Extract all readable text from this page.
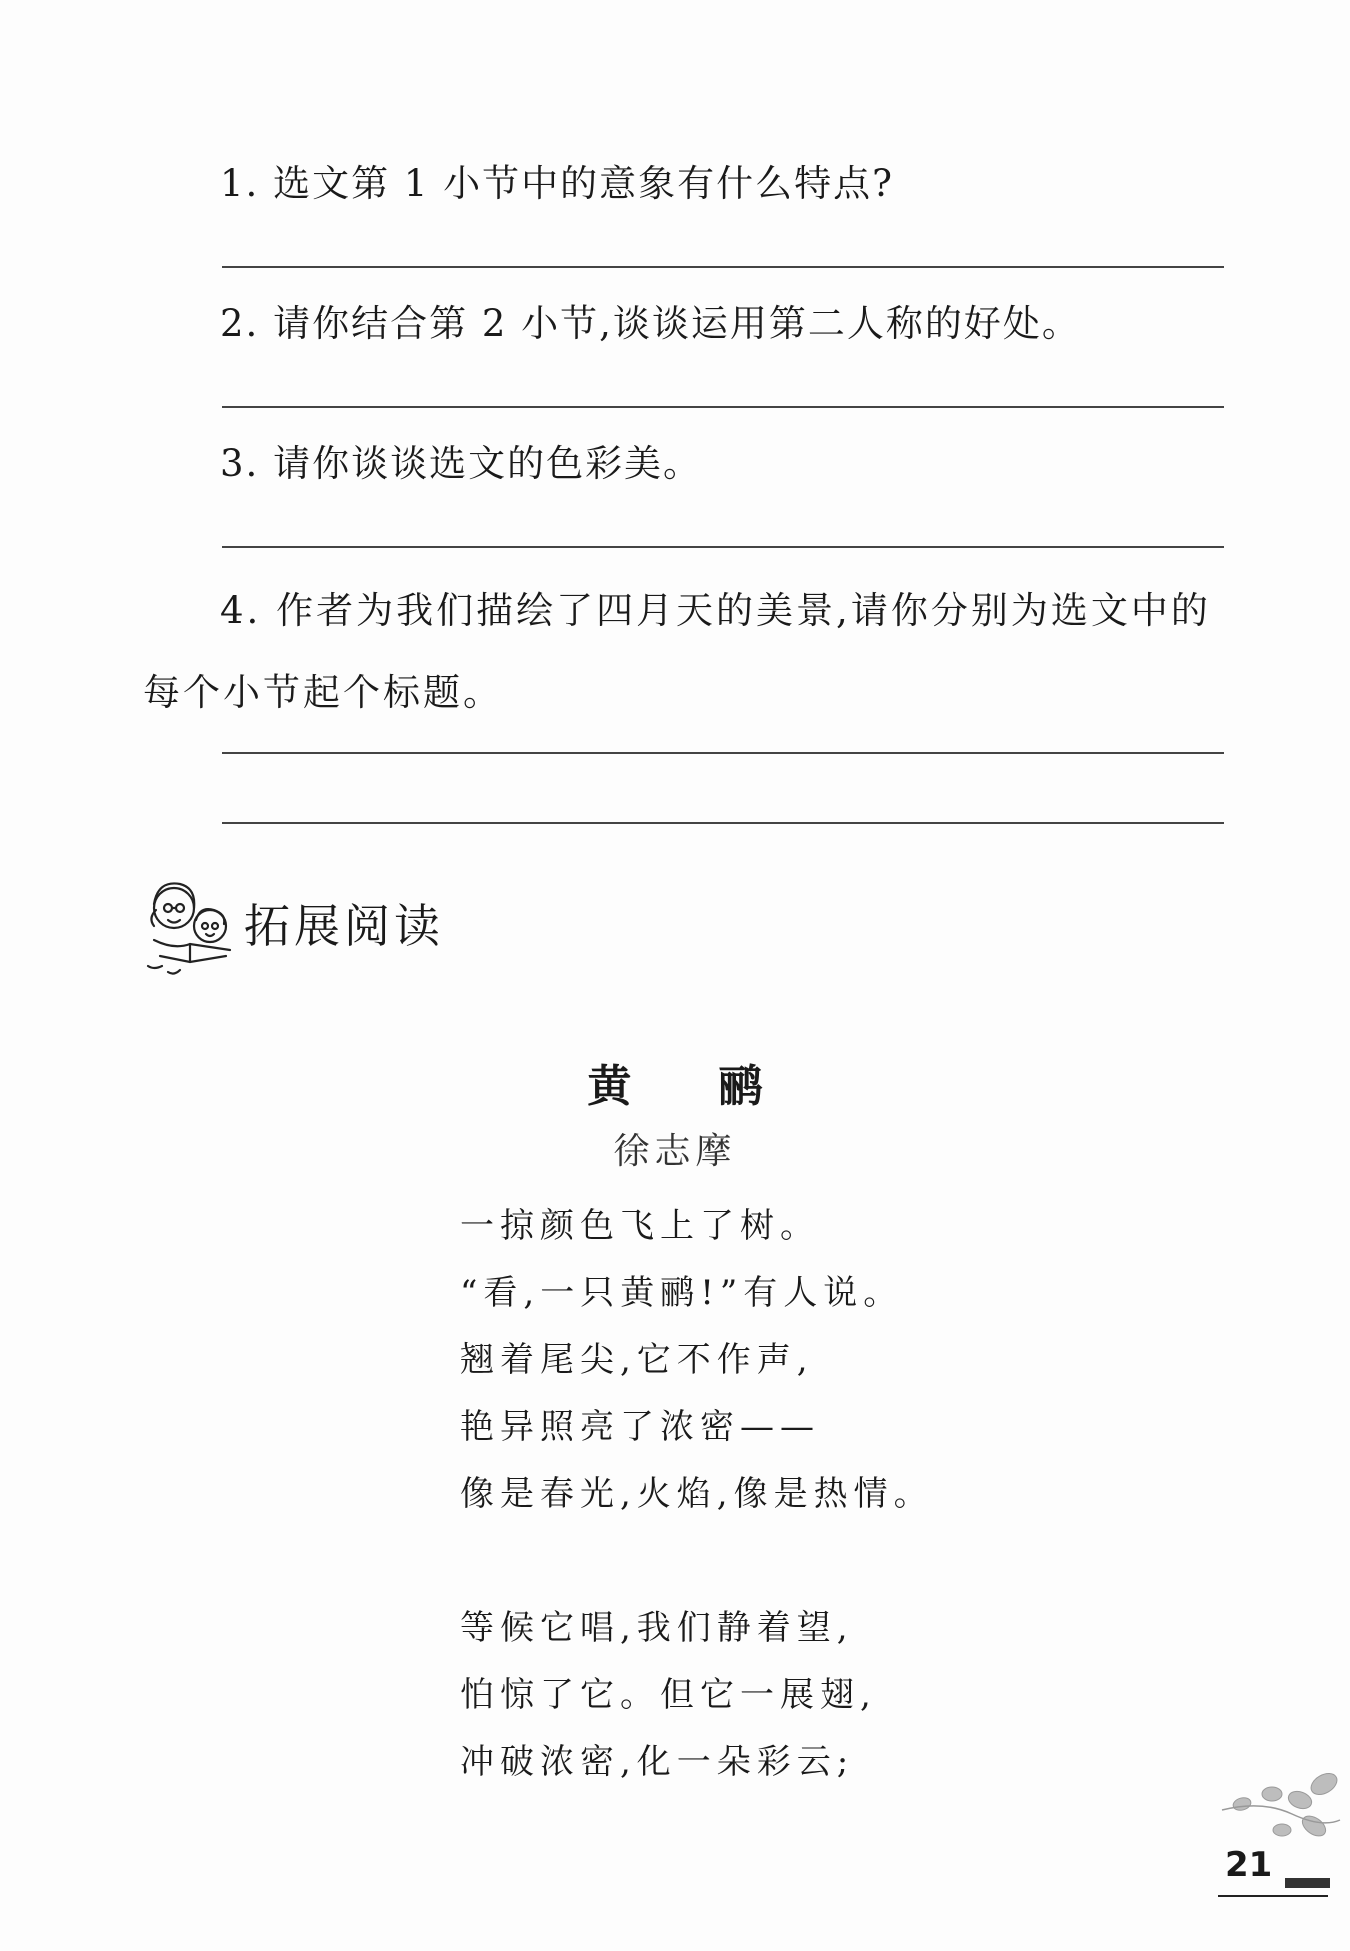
1. 选文第 1 小节中的意象有什么特点?
2. 请你结合第 2 小节,谈谈运用第二人称的好处。
3. 请你谈谈选文的色彩美。
4. 作者为我们描绘了四月天的美景,请你分别为选文中的每个小节起个标题。
拓展阅读
黄 鹂
徐志摩
一掠颜色飞上了树。
“看,一只黄鹂!”有人说。
翘着尾尖,它不作声,
艳异照亮了浓密——
像是春光,火焰,像是热情。
等候它唱,我们静着望,
怕惊了它。但它一展翅,
冲破浓密,化一朵彩云;
21
